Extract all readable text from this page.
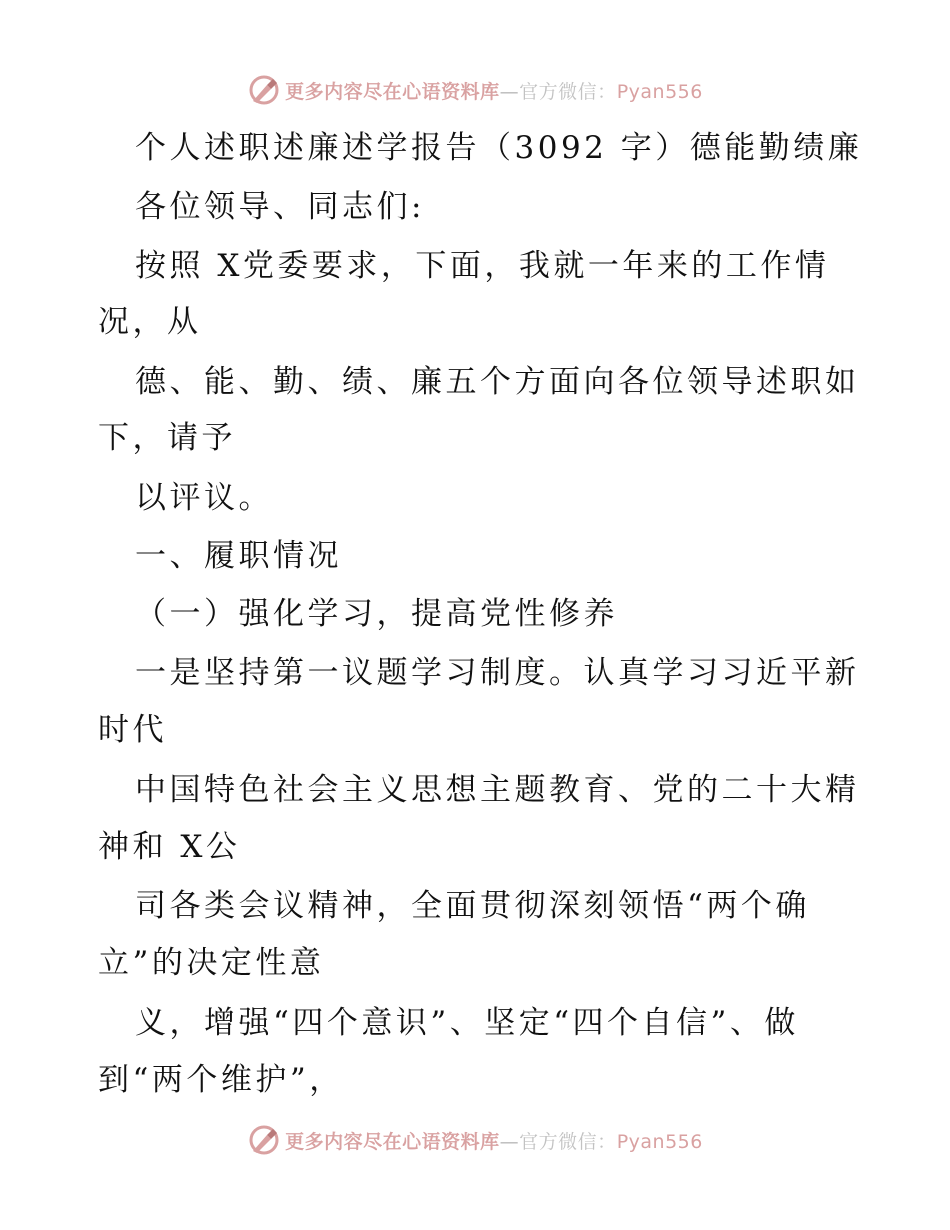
更多内容尽在心语资料库—官方微信：Pyan556
个人述职述廉述学报告（3092 字）德能勤绩廉
各位领导、同志们:
按照 X党委要求，下面，我就一年来的工作情
况，从
德、能、勤、绩、廉五个方面向各位领导述职如
下，请予
以评议。
一、履职情况
（一）强化学习，提高党性修养
一是坚持第一议题学习制度。认真学习习近平新
时代
中国特色社会主义思想主题教育、党的二十大精
神和 X公
司各类会议精神，全面贯彻深刻领悟“两个确
立”的决定性意
义，增强“四个意识”、坚定“四个自信”、做
到“两个维护”，
更多内容尽在心语资料库—官方微信：Pyan556
